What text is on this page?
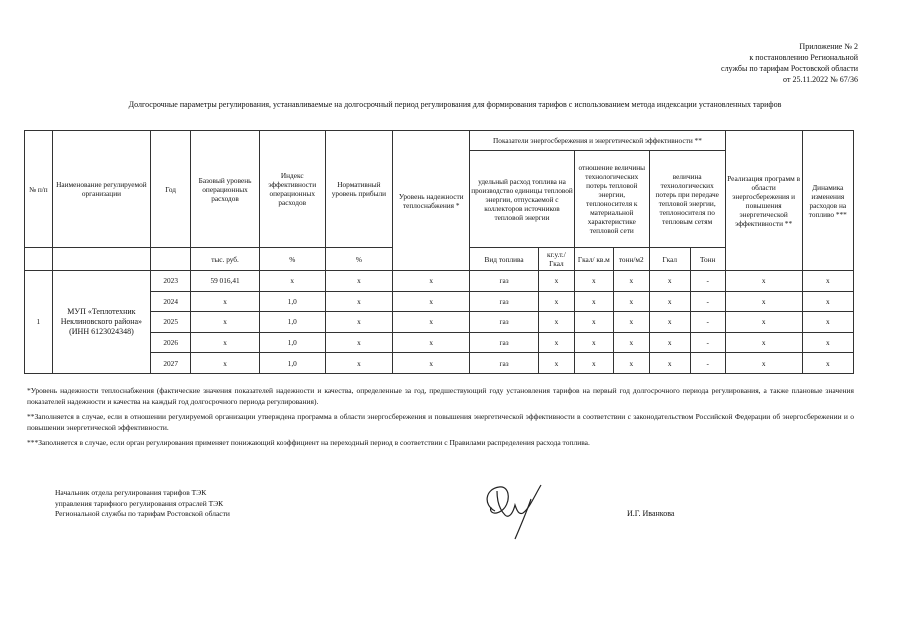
Приложение № 2
к постановлению Региональной
службы по тарифам Ростовской области
от 25.11.2022 № 67/36
Долгосрочные параметры регулирования, устанавливаемые на долгосрочный период регулирования для формирования тарифов с использованием метода индексации установленных тарифов
№ п/п	Наименование регулируемой организации	Год	Базовый уровень операционных расходов	Индекс эффективности операционных расходов	Нормативный уровень прибыли	Уровень надежности теплоснабжения *	Показатели энергосбережения и энергетической эффективности **						Реализация программ в области энергосбережения и повышения энергетической эффективности **	Динамика изменения расходов на топливо ***
							удельный расход топлива на производство единицы тепловой энергии, отпускаемой с коллекторов источников тепловой энергии		отношение величины технологических потерь тепловой энергии, теплоносителя к материальной характеристике тепловой сети		величина технологических потерь при передаче тепловой энергии, теплоносителя по тепловым сетям			
			тыс. руб.	%	%		Вид топлива	кг.у.т./Гкал	Гкал/ кв.м	тонн/м2	Гкал	Тонн		
1	МУП «Теплотехник Неклиновского района» (ИНН 6123024348)	2023	59 016,41	х	х	х	газ	х	х	х	х	-	х	х
		2024	х	1,0	х	х	газ	х	х	х	х	-	х	х
		2025	х	1,0	х	х	газ	х	х	х	х	-	х	х
		2026	х	1,0	х	х	газ	х	х	х	х	-	х	х
		2027	х	1,0	х	х	газ	х	х	х	х	-	х	х

*Уровень надежности теплоснабжения (фактические значения показателей надежности и качества, определенные за год, предшествующий году установления тарифов на первый год долгосрочного периода регулирования, а также плановые значения показателей надежности и качества на каждый год долгосрочного периода регулирования).

**Заполняется в случае, если в отношении регулируемой организации утверждена программа в области энергосбережения и повышения энергетической эффективности в соответствии с законодательством Российской Федерации об энергосбережении и о повышении энергетической эффективности.

***Заполняется в случае, если орган регулирования применяет понижающий коэффициент на переходный период в соответствии с Правилами распределения расхода топлива.

Начальник отдела регулирования тарифов ТЭК
управления тарифного регулирования отраслей ТЭК
Региональной службы по тарифам Ростовской области	И.Г. Иванкова
